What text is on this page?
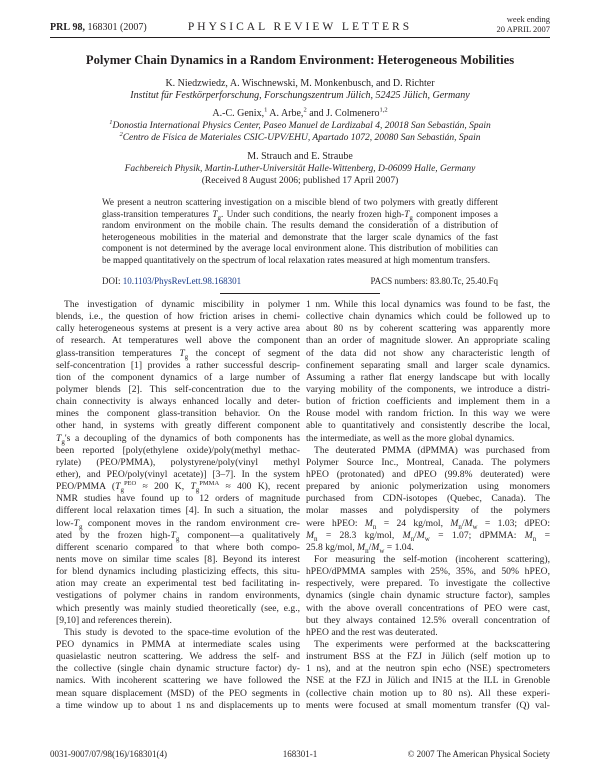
PRL 98, 168301 (2007)	PHYSICAL REVIEW LETTERS
week ending
20 APRIL 2007
Polymer Chain Dynamics in a Random Environment: Heterogeneous Mobilities
K. Niedzwiedz, A. Wischnewski, M. Monkenbusch, and D. Richter
Institut für Festkörperforschung, Forschungszentrum Jülich, 52425 Jülich, Germany
A.-C. Genix,$^1$ A. Arbe,$^2$ and J. Colmenero$^{1,2}$
$^1$Donostia International Physics Center, Paseo Manuel de Lardizabal 4, 20018 San Sebastián, Spain
$^2$Centro de Física de Materiales CSIC-UPV/EHU, Apartado 1072, 20080 San Sebastián, Spain
M. Strauch and E. Straube
Fachbereich Physik, Martin-Luther-Universität Halle-Wittenberg, D-06099 Halle, Germany
(Received 8 August 2006; published 17 April 2007)
We present a neutron scattering investigation on a miscible blend of two polymers with greatly different
glass-transition temperatures $T_g$. Under such conditions, the nearly frozen high-$T_g$ component imposes a
random environment on the mobile chain. The results demand the consideration of a distribution of
heterogeneous mobilities in the material and demonstrate that the larger scale dynamics of the fast
component is not determined by the average local environment alone. This distribution of mobilities can
be mapped quantitatively on the spectrum of local relaxation rates measured at high momentum transfers.
DOI: 10.1103/PhysRevLett.98.168301	PACS numbers: 83.80.Tc, 25.40.Fq
The investigation of dynamic miscibility in polymer
blends, i.e., the question of how friction arises in chemi-
cally heterogeneous systems at present is a very active area
of research. At temperatures well above the component
glass-transition temperatures $T_g$ the concept of segment
self-concentration [1] provides a rather successful descrip-
tion of the component dynamics of a large number of
polymer blends [2]. This self-concentration due to the
chain connectivity is always enhanced locally and deter-
mines the component glass-transition behavior. On the
other hand, in systems with greatly different component
$T_g's$ a decoupling of the dynamics of both components has
been reported [poly(ethylene oxide)/poly(methyl methac-
rylate) (PEO/PMMA), polystyrene/poly(vinyl methyl
ether), and PEO/poly(vinyl acetate)] [3–7]. In the system
PEO/PMMA ($T_g^{PEO} \approx 200$ K, $T_g^{PMMA} \approx 400$ K), recent
NMR studies have found up to 12 orders of magnitude
different local relaxation times [4]. In such a situation, the
low-$T_g$ component moves in the random environment cre-
ated by the frozen high-$T_g$ component—a qualitatively
different scenario compared to that where both compo-
nents move on similar time scales [8]. Beyond its interest
for blend dynamics including plasticizing effects, this situ-
ation may create an experimental test bed facilitating in-
vestigations of polymer chains in random environments,
which presently was mainly studied theoretically (see, e.g.,
[9,10] and references therein).
This study is devoted to the space-time evolution of the
PEO dynamics in PMMA at intermediate scales using
quasielastic neutron scattering. We address the self- and
the collective (single chain dynamic structure factor) dy-
namics. With incoherent scattering we have followed the
mean square displacement (MSD) of the PEO segments in
a time window up to about 1 ns and displacements up to
1 nm. While this local dynamics was found to be fast, the
collective chain dynamics which could be followed up to
about 80 ns by coherent scattering was apparently more
than an order of magnitude slower. An appropriate scaling
of the data did not show any characteristic length of
confinement separating small and larger scale dynamics.
Assuming a rather flat energy landscape but with locally
varying mobility of the components, we introduce a distri-
bution of friction coefficients and implement them in a
Rouse model with random friction. In this way we were
able to quantitatively and consistently describe the local,
the intermediate, as well as the more global dynamics.
The deuterated PMMA (dPMMA) was purchased from
Polymer Source Inc., Montreal, Canada. The polymers
hPEO (protonated) and dPEO (99.8% deuterated) were
prepared by anionic polymerization using monomers
purchased from CDN-isotopes (Quebec, Canada). The
molar masses and polydispersity of the polymers
were hPEO: $M_n = 24$ kg/mol, $M_n/M_w = 1.03$; dPEO:
$M_n = 28.3$ kg/mol, $M_n/M_w = 1.07$; dPMMA: $M_n$ =
25.8 kg/mol, $M_n/M_w = 1.04$.
For measuring the self-motion (incoherent scattering),
hPEO/dPMMA samples with 25%, 35%, and 50% hPEO,
respectively, were prepared. To investigate the collective
dynamics (single chain dynamic structure factor), samples
with the above overall concentrations of PEO were cast,
but they always contained 12.5% overall concentration of
hPEO and the rest was deuterated.
The experiments were performed at the backscattering
instrument BSS at the FZJ in Jülich (self motion up to
1 ns), and at the neutron spin echo (NSE) spectrometers
NSE at the FZJ in Jülich and IN15 at the ILL in Grenoble
(collective chain motion up to 80 ns). All these experi-
ments were focused at small momentum transfer (Q) val-
0031-9007/07/98(16)/168301(4)	168301-1	© 2007 The American Physical Society
